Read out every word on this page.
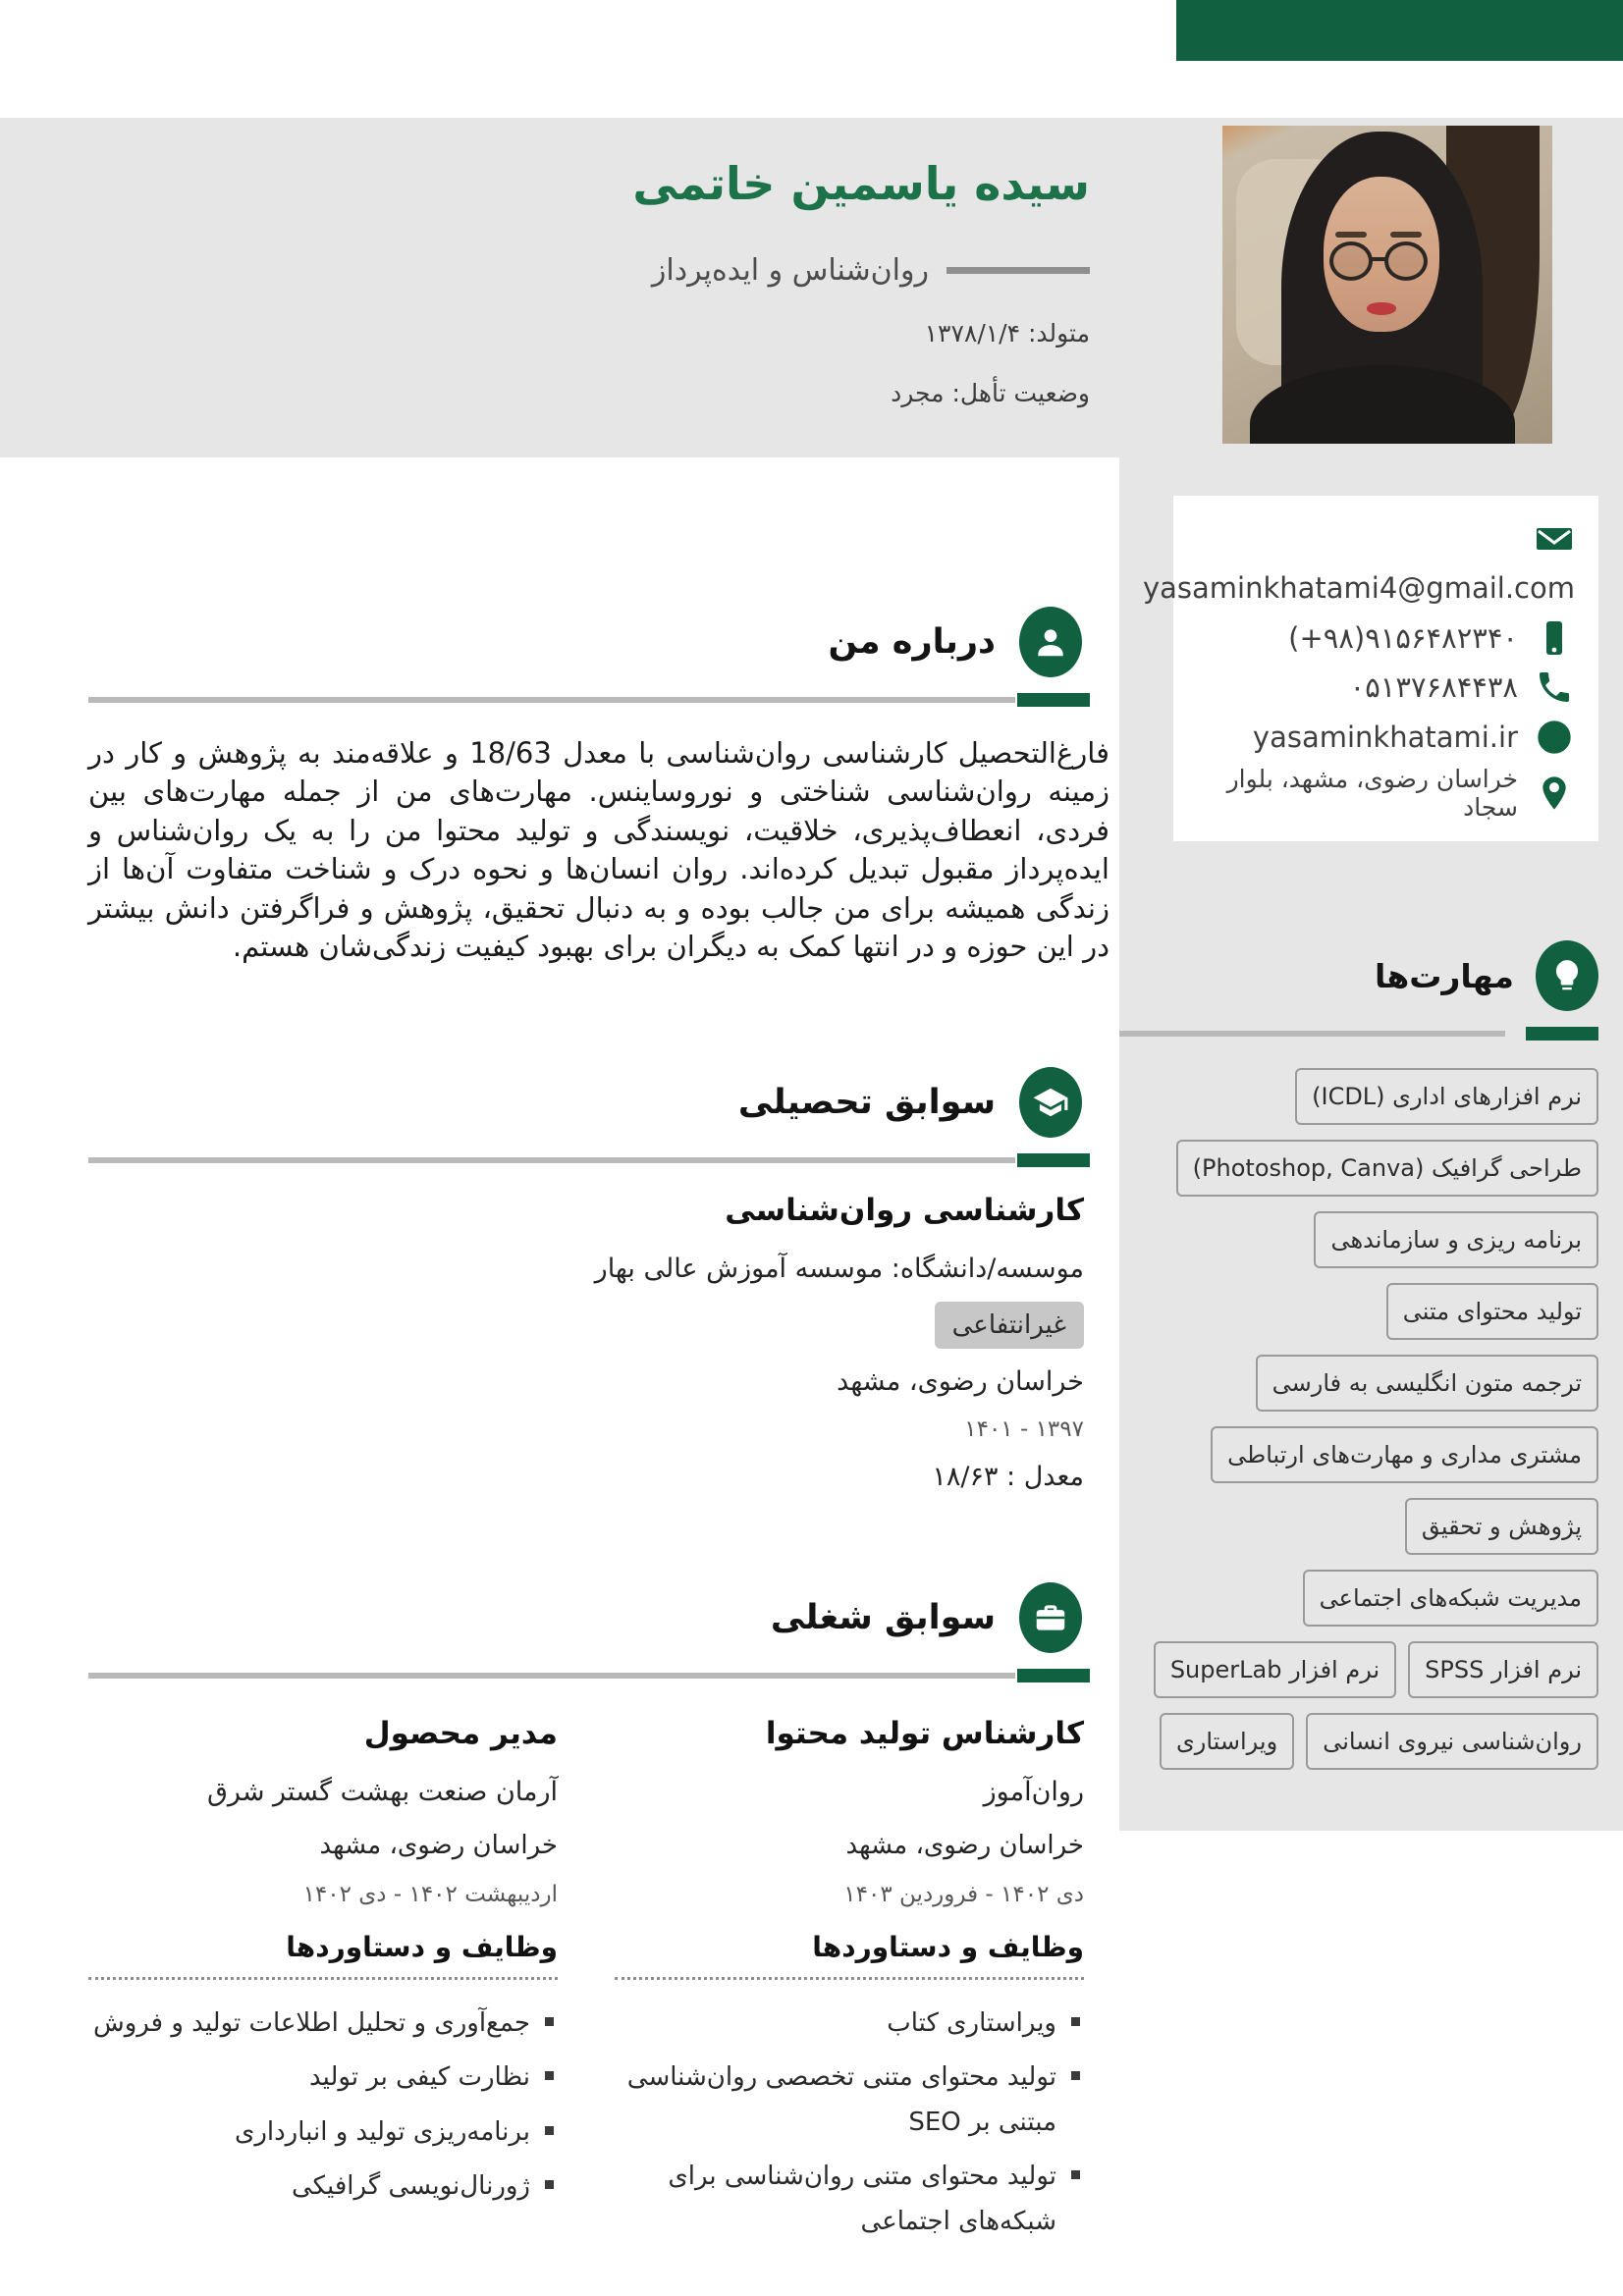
سیده یاسمین خاتمی
روان‌شناس و ایده‌پرداز
متولد: ۱۳۷۸/۱/۴
وضعیت تأهل: مجرد
yasaminkhatami4@gmail.com
(+۹۸)۹۱۵۶۴۸۲۳۴۰
۰۵۱۳۷۶۸۴۴۳۸
yasaminkhatami.ir
خراسان رضوی، مشهد، بلوار سجاد
مهارت‌ها
نرم افزارهای اداری (ICDL)
طراحی گرافیک (Photoshop, Canva)
برنامه ریزی و سازماندهی
تولید محتوای متنی
ترجمه متون انگلیسی به فارسی
مشتری مداری و مهارت‌های ارتباطی
پژوهش و تحقیق
مدیریت شبکه‌های اجتماعی
نرم افزار SPSS
نرم افزار SuperLab
روان‌شناسی نیروی انسانی
ویراستاری
درباره من

فارغ‌التحصیل کارشناسی روان‌شناسی با معدل 18/63 و علاقه‌مند به پژوهش و کار در زمینه روان‌شناسی شناختی و نوروساینس. مهارت‌های من از جمله مهارت‌های بین فردی، انعطاف‌پذیری، خلاقیت، نویسندگی و تولید محتوا من را به یک روان‌شناس و ایده‌پرداز مقبول تبدیل کرده‌اند. روان انسان‌ها و نحوه درک و شناخت متفاوت آن‌ها از زندگی همیشه برای من جالب بوده و به دنبال تحقیق، پژوهش و فراگرفتن دانش بیشتر در این حوزه و در انتها کمک به دیگران برای بهبود کیفیت زندگی‌شان هستم.

سوابق تحصیلی
کارشناسی روان‌شناسی
موسسه/دانشگاه: موسسه آموزش عالی بهار
غیرانتفاعی
خراسان رضوی، مشهد
۱۳۹۷ - ۱۴۰۱
معدل : ۱۸/۶۳
سوابق شغلی
کارشناس تولید محتوا
روان‌آموز
خراسان رضوی، مشهد
دی ۱۴۰۲ - فروردین ۱۴۰۳
وظایف و دستاوردها
ویراستاری کتاب
تولید محتوای متنی تخصصی روان‌شناسی مبتنی بر SEO
تولید محتوای متنی روان‌شناسی برای شبکه‌های اجتماعی
مدیر محصول
آرمان صنعت بهشت گستر شرق
خراسان رضوی، مشهد
اردیبهشت ۱۴۰۲ - دی ۱۴۰۲
وظایف و دستاوردها
جمع‌آوری و تحلیل اطلاعات تولید و فروش
نظارت کیفی بر تولید
برنامه‌ریزی تولید و انبارداری
ژورنال‌نویسی گرافیکی
